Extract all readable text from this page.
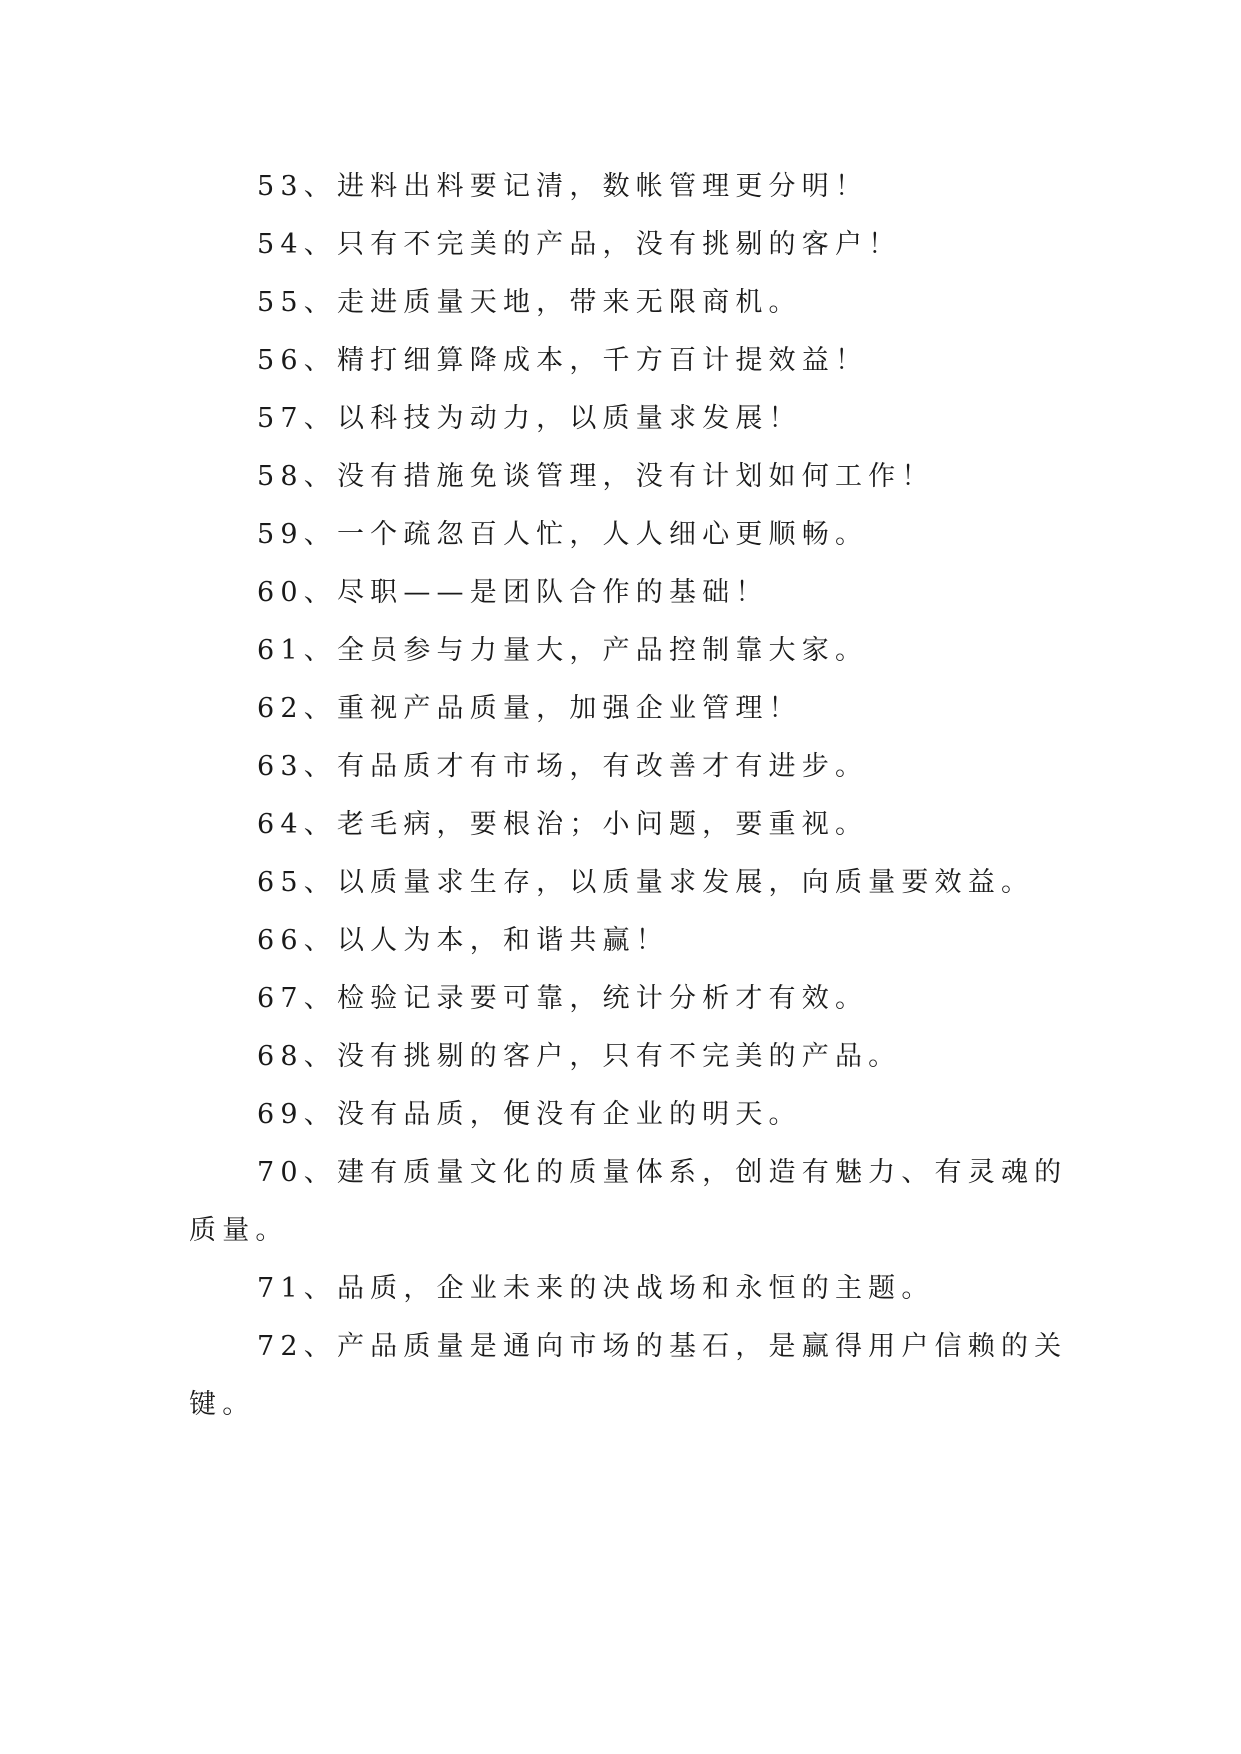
53、进料出料要记清，数帐管理更分明！

54、只有不完美的产品，没有挑剔的客户！

55、走进质量天地，带来无限商机。

56、精打细算降成本，千方百计提效益！

57、以科技为动力，以质量求发展！

58、没有措施免谈管理，没有计划如何工作！

59、一个疏忽百人忙，人人细心更顺畅。

60、尽职——是团队合作的基础！

61、全员参与力量大，产品控制靠大家。

62、重视产品质量，加强企业管理！

63、有品质才有市场，有改善才有进步。

64、老毛病，要根治；小问题，要重视。

65、以质量求生存，以质量求发展，向质量要效益。

66、以人为本，和谐共赢！

67、检验记录要可靠，统计分析才有效。

68、没有挑剔的客户，只有不完美的产品。

69、没有品质，便没有企业的明天。

70、建有质量文化的质量体系，创造有魅力、有灵魂的质量。

71、品质，企业未来的决战场和永恒的主题。

72、产品质量是通向市场的基石，是赢得用户信赖的关键。
